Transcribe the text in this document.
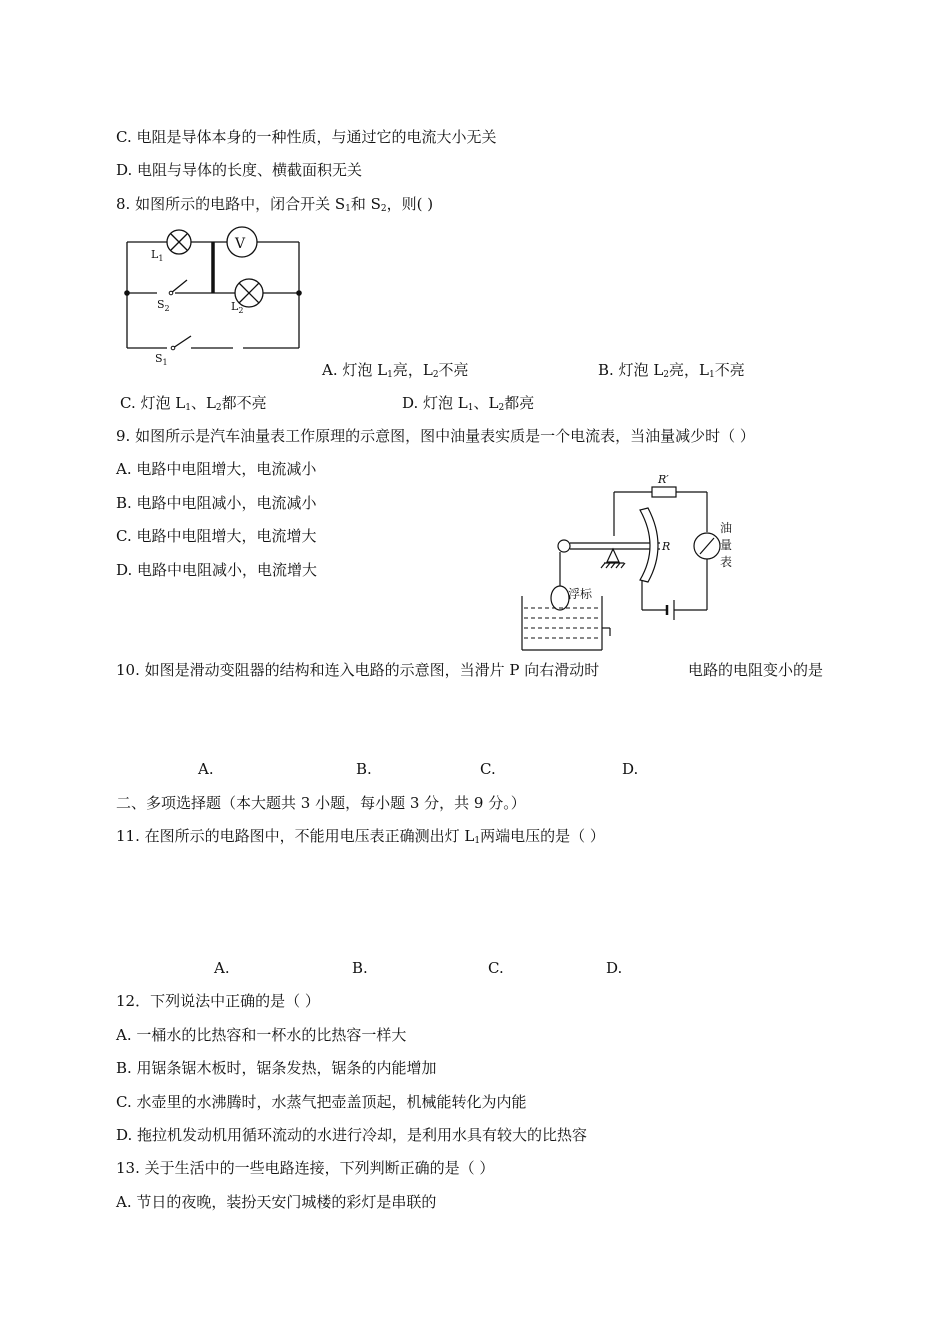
C. 电阻是导体本身的一种性质，与通过它的电流大小无关
D. 电阻与导体的长度、横截面积无关
8. 如图所示的电路中，闭合开关 $S_1$和 $S_2$，则( )
V
$L_1$
$S_2$	$L_2$
$S_1$	A. 灯泡 $L_1$亮，$L_2$不亮	B. 灯泡 $L_2$亮，$L_1$不亮
C. 灯泡 $L_1$、$L_2$都不亮	D. 灯泡 $L_1$、$L_2$都亮
9. 如图所示是汽车油量表工作原理的示意图，图中油量表实质是一个电流表，当油量减少时（ ）
A. 电路中电阻增大，电流减小
B. 电路中电阻减小，电流减小
C. 电路中电阻增大，电流增大
D. 电路中电阻减小，电流增大
R′
R
油
量
表
浮标
10. 如图是滑动变阻器的结构和连入电路的示意图，当滑片 P 向右滑动时	电路的电阻变小的是
A.	B.	C.	D.
二、多项选择题（本大题共 3 小题，每小题 3 分，共 9 分。）
11. 在图所示的电路图中，不能用电压表正确测出灯 $L_1$两端电压的是（ ）
A.	B.	C.	D.
12．下列说法中正确的是（ ）
A. 一桶水的比热容和一杯水的比热容一样大
B. 用锯条锯木板时，锯条发热，锯条的内能增加
C. 水壶里的水沸腾时，水蒸气把壶盖顶起，机械能转化为内能
D. 拖拉机发动机用循环流动的水进行冷却，是利用水具有较大的比热容
13. 关于生活中的一些电路连接，下列判断正确的是（ ）
A. 节日的夜晚，装扮天安门城楼的彩灯是串联的
